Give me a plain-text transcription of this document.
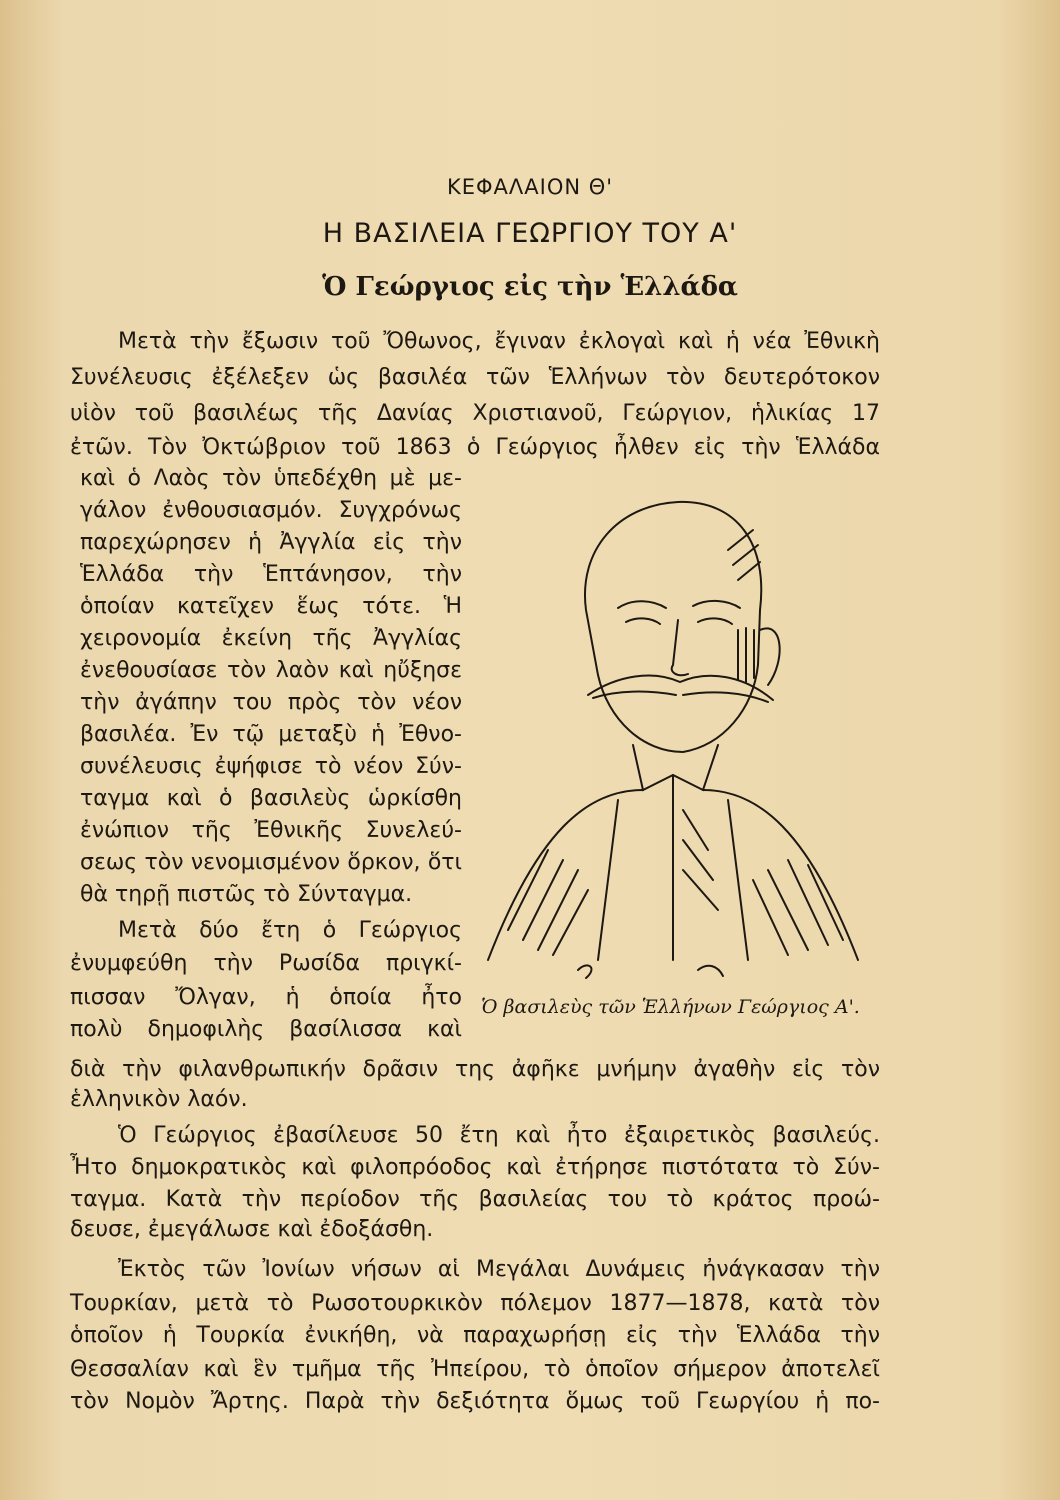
ΚΕΦΑΛΑΙΟΝ Θ'
Η ΒΑΣΙΛΕΙΑ ΓΕΩΡΓΙΟΥ ΤΟΥ Α'
Ὁ Γεώργιος εἰς τὴν Ἑλλάδα
Μετὰ τὴν ἔξωσιν τοῦ Ὄθωνος, ἔγιναν ἐκλογαὶ καὶ ἡ νέα Ἐθνικὴ
Συνέλευσις ἐξέλεξεν ὡς βασιλέα τῶν Ἑλλήνων τὸν δευτερότοκον
υἱὸν τοῦ βασιλέως τῆς Δανίας Χριστιανοῦ, Γεώργιον, ἡλικίας 17
ἐτῶν. Τὸν Ὀκτώβριον τοῦ 1863 ὁ Γεώργιος ἦλθεν εἰς τὴν Ἑλλάδα
καὶ ὁ Λαὸς τὸν ὑπεδέχθη μὲ με-
γάλον ἐνθουσιασμόν. Συγχρόνως
παρεχώρησεν ἡ Ἀγγλία εἰς τὴν
Ἑλλάδα τὴν Ἑπτάνησον, τὴν
ὁποίαν κατεῖχεν ἕως τότε. Ἡ
χειρονομία ἐκείνη τῆς Ἀγγλίας
ἐνεθουσίασε τὸν λαὸν καὶ ηὔξησε
τὴν ἀγάπην του πρὸς τὸν νέον
βασιλέα. Ἐν τῷ μεταξὺ ἡ Ἐθνο-
συνέλευσις ἐψήφισε τὸ νέον Σύν-
ταγμα καὶ ὁ βασιλεὺς ὡρκίσθη
ἐνώπιον τῆς Ἐθνικῆς Συνελεύ-
σεως τὸν νενομισμένον ὅρκον, ὅτι
θὰ τηρῇ πιστῶς τὸ Σύνταγμα.
Μετὰ δύο ἔτη ὁ Γεώργιος
ἐνυμφεύθη τὴν Ρωσίδα πριγκί-
πισσαν Ὄλγαν, ἡ ὁποία ἦτο
πολὺ δημοφιλὴς βασίλισσα καὶ
διὰ τὴν φιλανθρωπικήν δρᾶσιν της ἀφῆκε μνήμην ἀγαθὴν εἰς τὸν
ἑλληνικὸν λαόν.
Ὁ Γεώργιος ἐβασίλευσε 50 ἔτη καὶ ἦτο ἐξαιρετικὸς βασιλεύς.
Ἦτο δημοκρατικὸς καὶ φιλοπρόοδος καὶ ἐτήρησε πιστότατα τὸ Σύν-
ταγμα. Κατὰ τὴν περίοδον τῆς βασιλείας του τὸ κράτος προώ-
δευσε, ἐμεγάλωσε καὶ ἐδοξάσθη.
Ἐκτὸς τῶν Ἰονίων νήσων αἱ Μεγάλαι Δυνάμεις ἠνάγκασαν τὴν
Τουρκίαν, μετὰ τὸ Ρωσοτουρκικὸν πόλεμον 1877—1878, κατὰ τὸν
ὁποῖον ἡ Τουρκία ἐνικήθη, νὰ παραχωρήσῃ εἰς τὴν Ἑλλάδα τὴν
Θεσσαλίαν καὶ ἓν τμῆμα τῆς Ἠπείρου, τὸ ὁποῖον σήμερον ἀποτελεῖ
τὸν Νομὸν Ἄρτης. Παρὰ τὴν δεξιότητα ὅμως τοῦ Γεωργίου ἡ πο-
Ὁ βασιλεὺς τῶν Ἑλλήνων Γεώργιος Α'.
